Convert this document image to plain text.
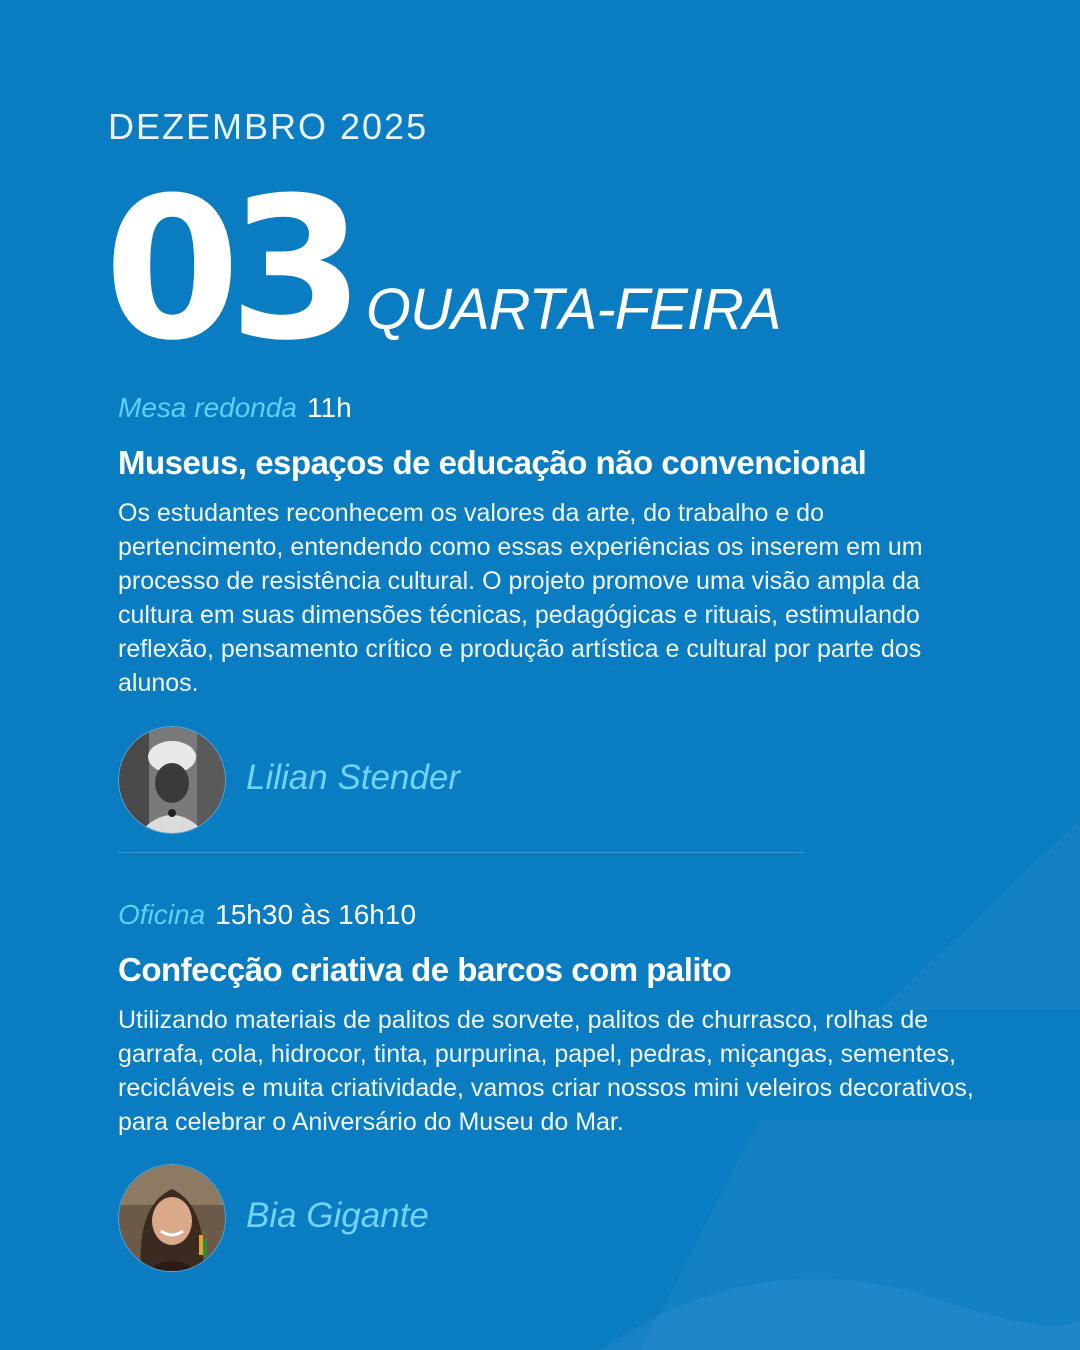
DEZEMBRO 2025
03 QUARTA-FEIRA
Mesa redonda 11h
Museus, espaços de educação não convencional
Os estudantes reconhecem os valores da arte, do trabalho e do pertencimento, entendendo como essas experiências os inserem em um processo de resistência cultural. O projeto promove uma visão ampla da cultura em suas dimensões técnicas, pedagógicas e rituais, estimulando reflexão, pensamento crítico e produção artística e cultural por parte dos alunos.
Lilian Stender
Oficina 15h30 às 16h10
Confecção criativa de barcos com palito
Utilizando materiais de palitos de sorvete, palitos de churrasco, rolhas de garrafa, cola, hidrocor, tinta, purpurina, papel, pedras, miçangas, sementes, recicláveis e muita criatividade, vamos criar nossos mini veleiros decorativos, para celebrar o Aniversário do Museu do Mar.
Bia Gigante
